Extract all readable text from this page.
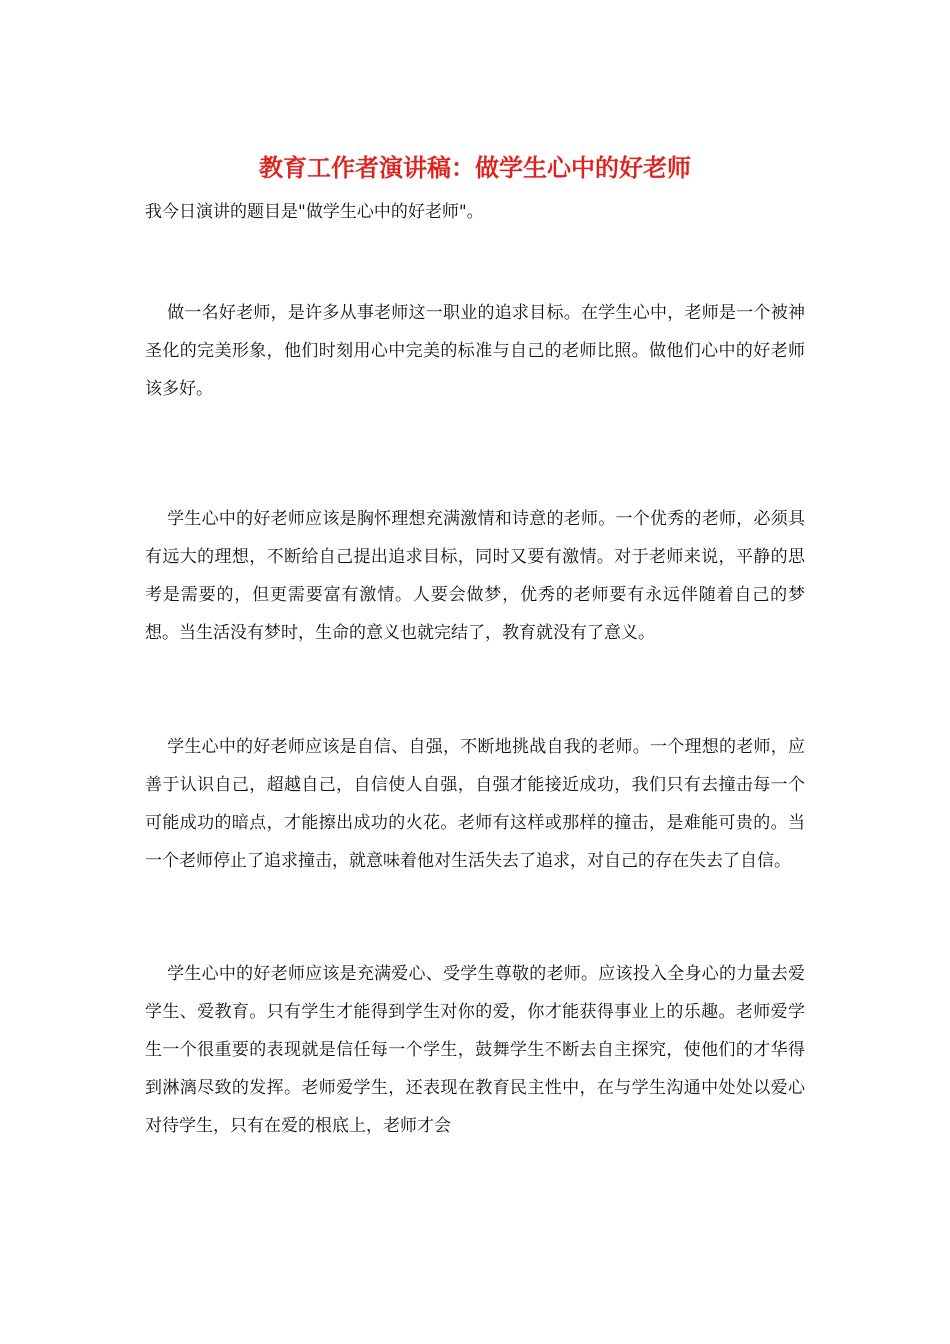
教育工作者演讲稿：做学生心中的好老师

我今日演讲的题目是"做学生心中的好老师"。

做一名好老师，是许多从事老师这一职业的追求目标。在学生心中，老师是一个被神圣化的完美形象，他们时刻用心中完美的标准与自己的老师比照。做他们心中的好老师该多好。

学生心中的好老师应该是胸怀理想充满激情和诗意的老师。一个优秀的老师，必须具有远大的理想，不断给自己提出追求目标，同时又要有激情。对于老师来说，平静的思考是需要的，但更需要富有激情。人要会做梦，优秀的老师要有永远伴随着自己的梦想。当生活没有梦时，生命的意义也就完结了，教育就没有了意义。

学生心中的好老师应该是自信、自强，不断地挑战自我的老师。一个理想的老师，应善于认识自己，超越自己，自信使人自强，自强才能接近成功，我们只有去撞击每一个可能成功的暗点，才能擦出成功的火花。老师有这样或那样的撞击，是难能可贵的。当一个老师停止了追求撞击，就意味着他对生活失去了追求，对自己的存在失去了自信。

学生心中的好老师应该是充满爱心、受学生尊敬的老师。应该投入全身心的力量去爱学生、爱教育。只有学生才能得到学生对你的爱，你才能获得事业上的乐趣。老师爱学生一个很重要的表现就是信任每一个学生，鼓舞学生不断去自主探究，使他们的才华得到淋漓尽致的发挥。老师爱学生，还表现在教育民主性中，在与学生沟通中处处以爱心对待学生，只有在爱的根底上，老师才会
